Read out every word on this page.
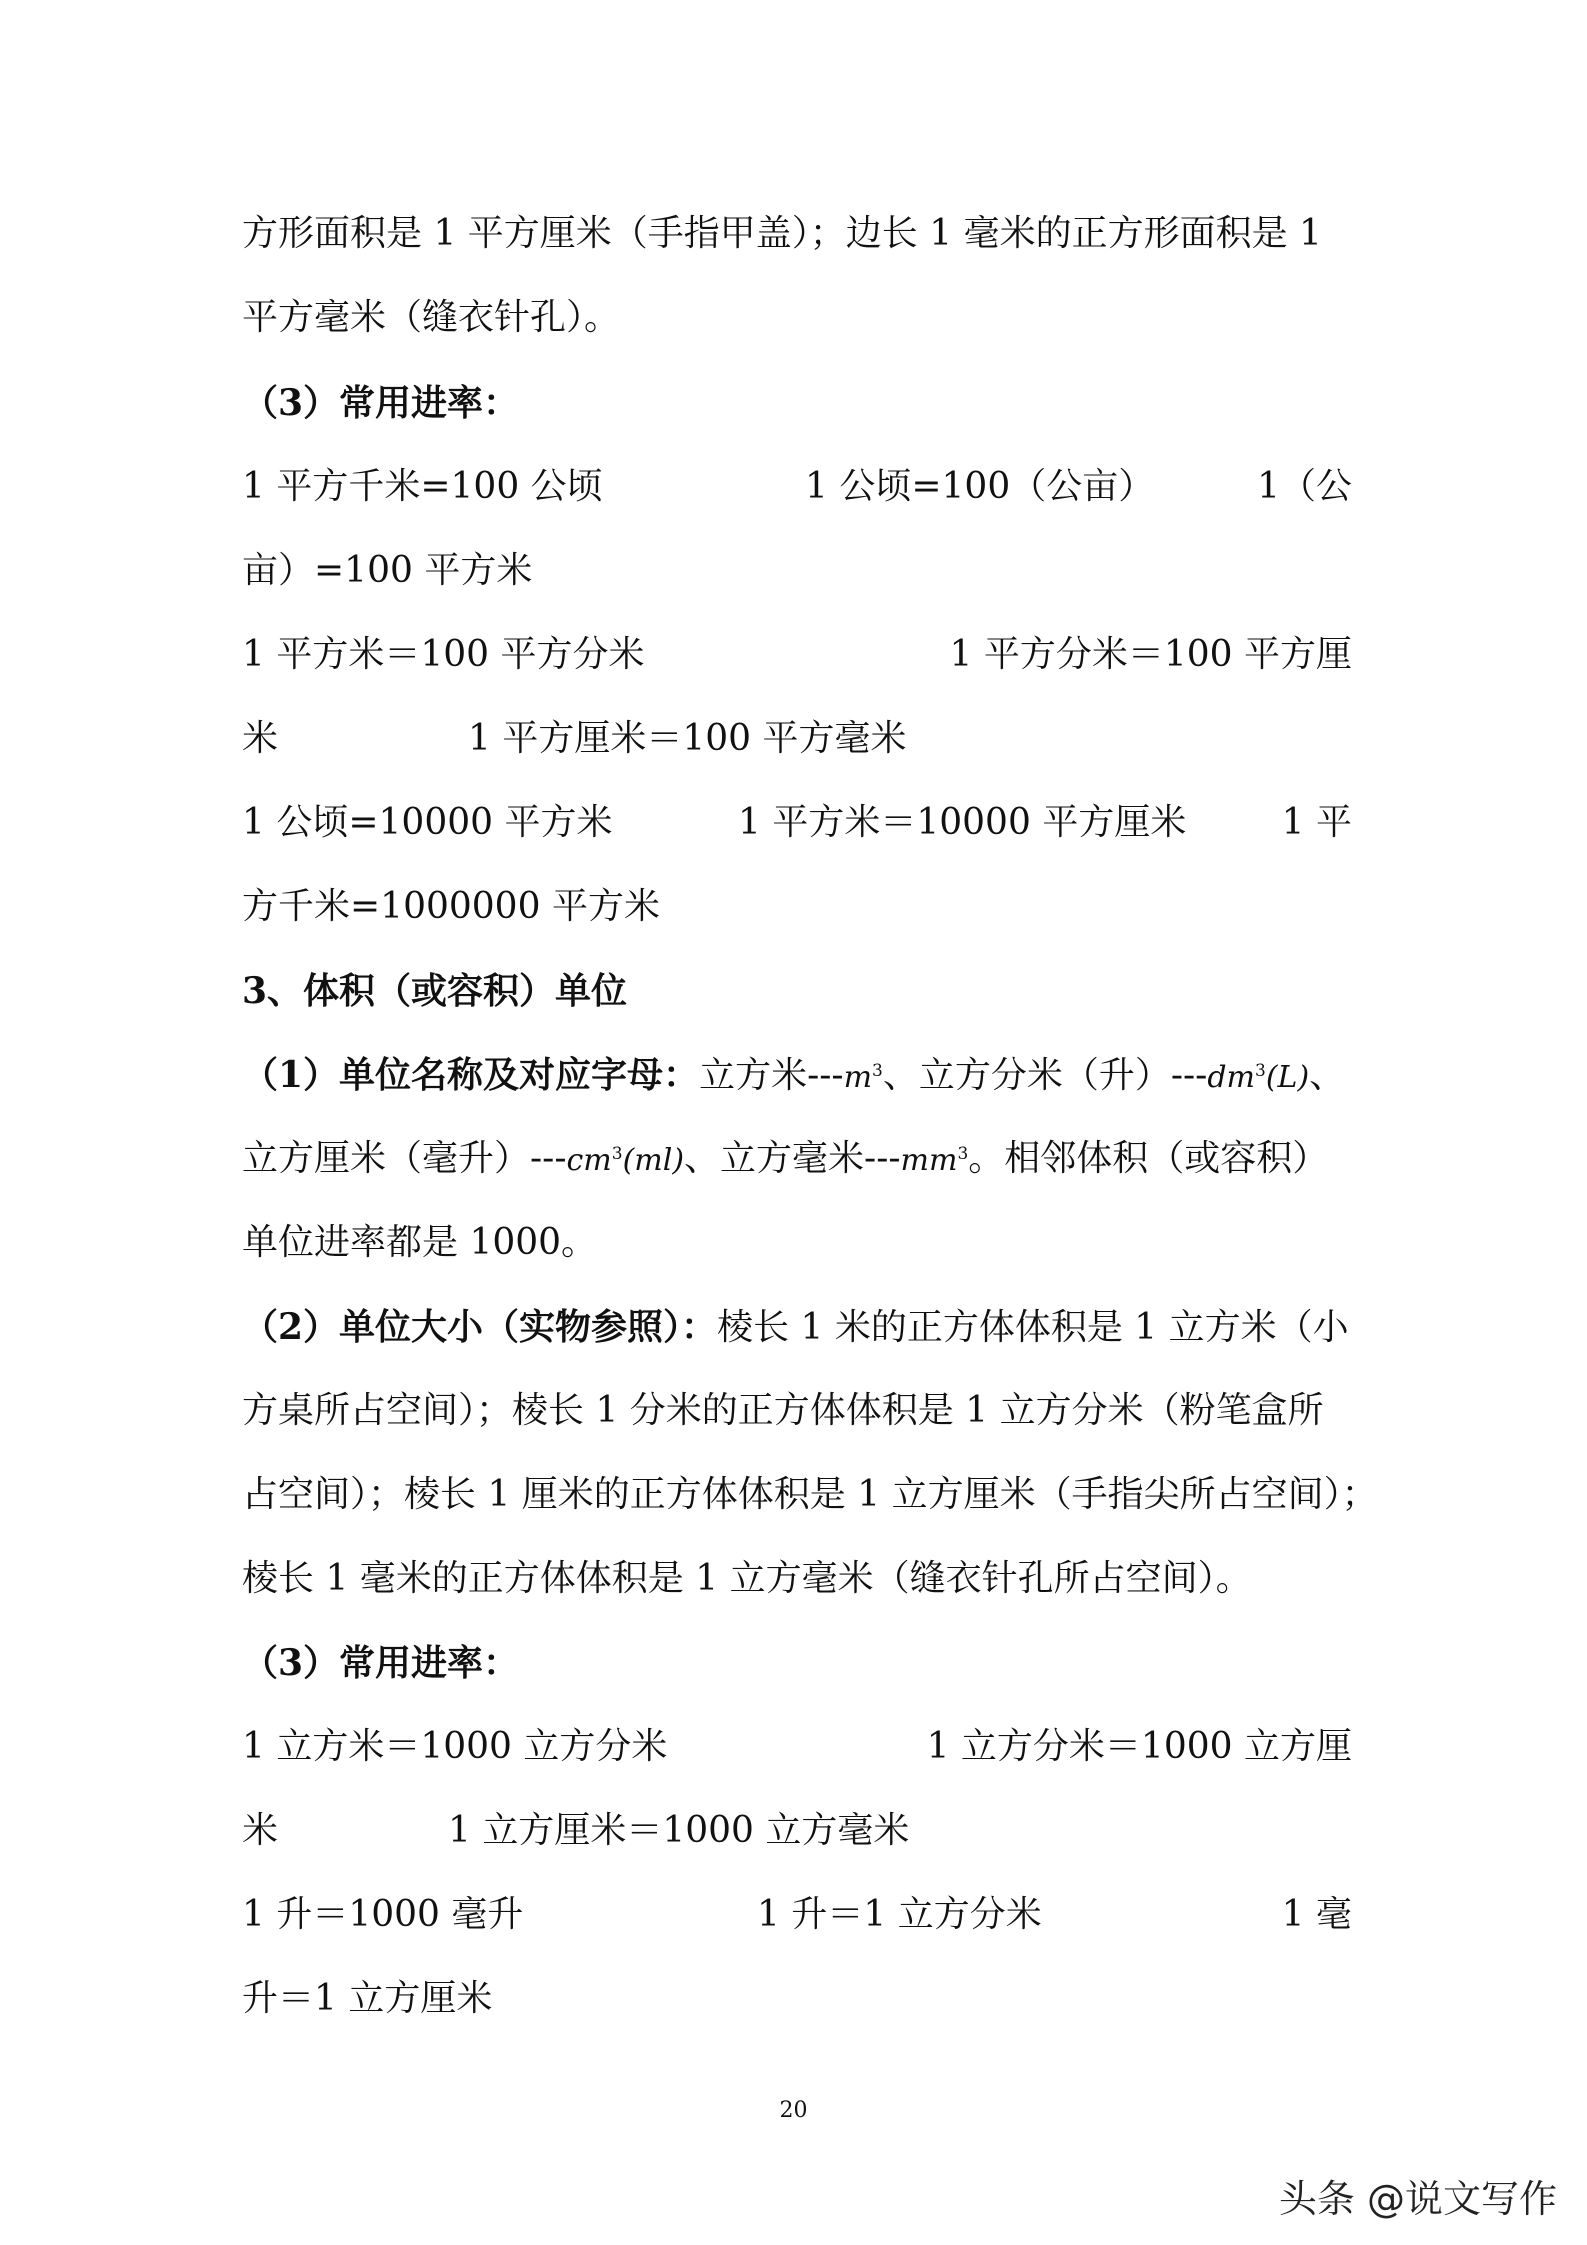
方形面积是 1 平方厘米（手指甲盖）；边长 1 毫米的正方形面积是 1
平方毫米（缝衣针孔）。
（3）常用进率：
1 平方千米=100 公顷	1 公顷=100（公亩）	1（公
亩）=100 平方米
1 平方米＝100 平方分米	1 平方分米＝100 平方厘
米	1 平方厘米＝100 平方毫米
1 公顷=10000 平方米	1 平方米＝10000 平方厘米	1 平
方千米=1000000 平方米
3、体积（或容积）单位
（1）单位名称及对应字母：立方米$---m^3$、立方分米（升）$---dm^3(L)$、
立方厘米（毫升）$---cm^3(ml)$、立方毫米$---mm^3$。相邻体积（或容积）
单位进率都是 1000。
（2）单位大小（实物参照）：棱长 1 米的正方体体积是 1 立方米（小
方桌所占空间）；棱长 1 分米的正方体体积是 1 立方分米（粉笔盒所
占空间）；棱长 1 厘米的正方体体积是 1 立方厘米（手指尖所占空间）；
棱长 1 毫米的正方体体积是 1 立方毫米（缝衣针孔所占空间）。
（3）常用进率：
1 立方米＝1000 立方分米	1 立方分米＝1000 立方厘
米	1 立方厘米＝1000 立方毫米
1 升＝1000 毫升	1 升＝1 立方分米	1 毫
升＝1 立方厘米
20
头条 @说文写作
